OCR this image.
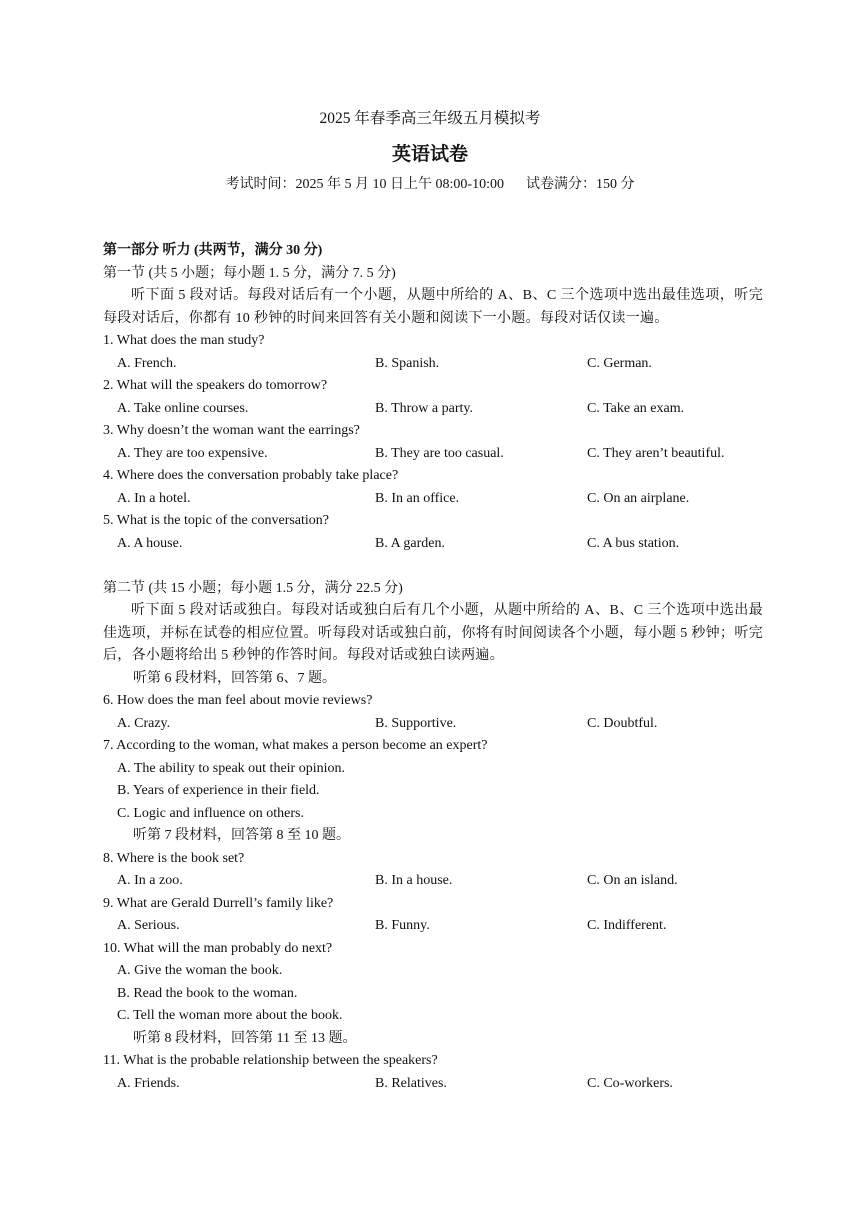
2025 年春季高三年级五月模拟考
英语试卷
考试时间：2025 年 5 月 10 日上午 08:00-10:00 试卷满分：150 分
第一部分 听力 (共两节，满分 30 分)
第一节 (共 5 小题；每小题 1. 5 分，满分 7. 5 分)
听下面 5 段对话。每段对话后有一个小题，从题中所给的 A、B、C 三个选项中选出最佳选项，听完每段对话后，你都有 10 秒钟的时间来回答有关小题和阅读下一小题。每段对话仅读一遍。
1. What does the man study?
A. French.	B. Spanish.	C. German.
2. What will the speakers do tomorrow?
A. Take online courses.	B. Throw a party.	C. Take an exam.
3. Why doesn’t the woman want the earrings?
A. They are too expensive.	B. They are too casual.	C. They aren’t beautiful.
4. Where does the conversation probably take place?
A. In a hotel.	B. In an office.	C. On an airplane.
5. What is the topic of the conversation?
A. A house.	B. A garden.	C. A bus station.
第二节 (共 15 小题；每小题 1.5 分，满分 22.5 分)
听下面 5 段对话或独白。每段对话或独白后有几个小题，从题中所给的 A、B、C 三个选项中选出最佳选项，并标在试卷的相应位置。听每段对话或独白前，你将有时间阅读各个小题，每小题 5 秒钟；听完后，各小题将给出 5 秒钟的作答时间。每段对话或独白读两遍。
听第 6 段材料，回答第 6、7 题。
6. How does the man feel about movie reviews?
A. Crazy.	B. Supportive.	C. Doubtful.
7. According to the woman, what makes a person become an expert?
A. The ability to speak out their opinion.
B. Years of experience in their field.
C. Logic and influence on others.
听第 7 段材料，回答第 8 至 10 题。
8. Where is the book set?
A. In a zoo.	B. In a house.	C. On an island.
9. What are Gerald Durrell’s family like?
A. Serious.	B. Funny.	C. Indifferent.
10. What will the man probably do next?
A. Give the woman the book.
B. Read the book to the woman.
C. Tell the woman more about the book.
听第 8 段材料，回答第 11 至 13 题。
11. What is the probable relationship between the speakers?
A. Friends.	B. Relatives.	C. Co-workers.
